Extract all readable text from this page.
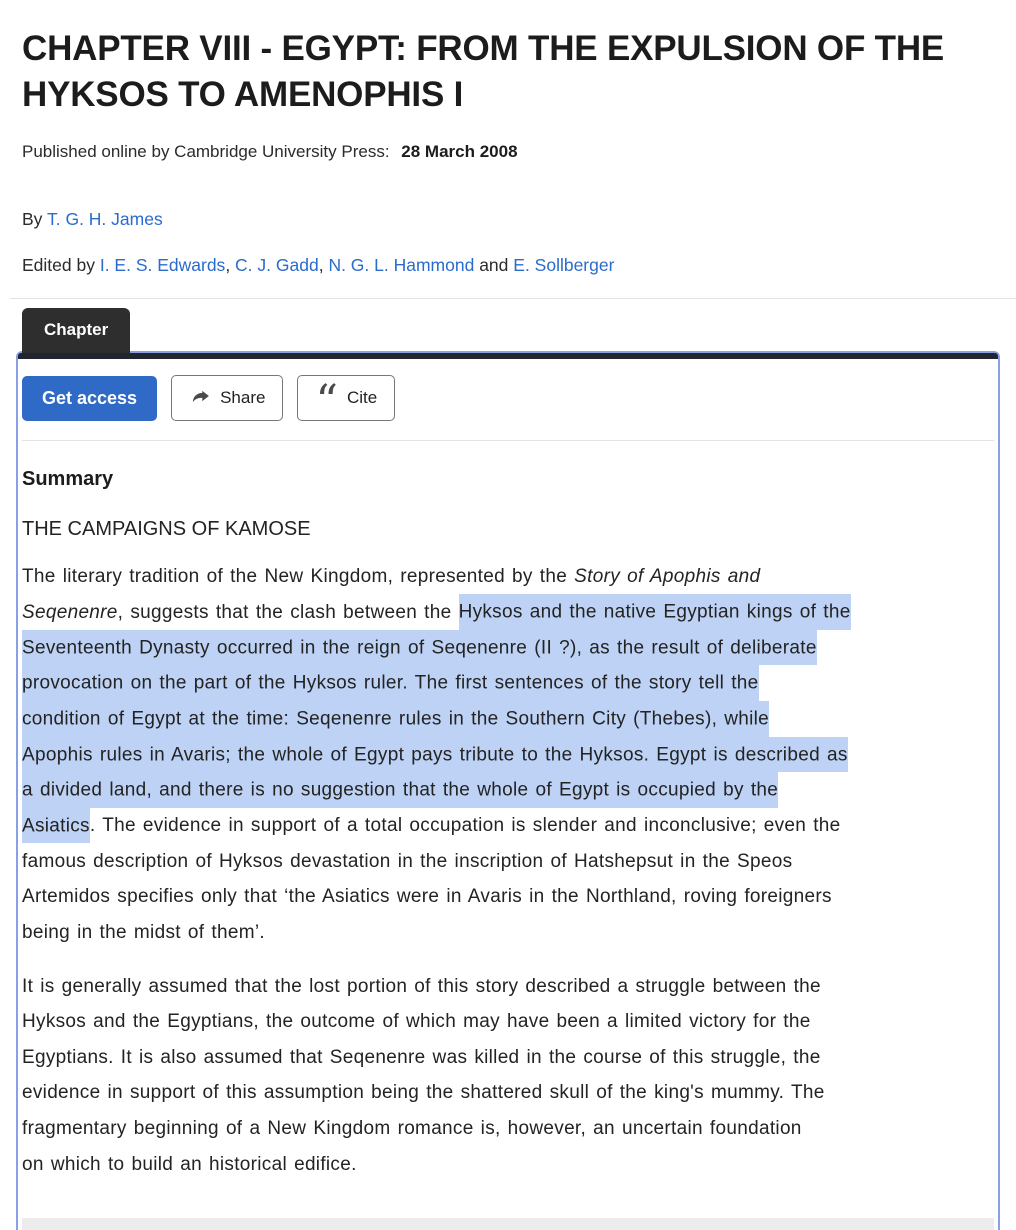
CHAPTER VIII - EGYPT: FROM THE EXPULSION OF THE
HYKSOS TO AMENOPHIS I

Published online by Cambridge University Press: 28 March 2008

By T. G. H. James

Edited by I. E. S. Edwards, C. J. Gadd, N. G. L. Hammond and E. Sollberger

Chapter
Get access	Share “ Cite
Summary

THE CAMPAIGNS OF KAMOSE

The literary tradition of the New Kingdom, represented by the Story of Apophis and
Seqenenre, suggests that the clash between the Hyksos and the native Egyptian kings of the
Seventeenth Dynasty occurred in the reign of Seqenenre (II ?), as the result of deliberate
provocation on the part of the Hyksos ruler. The first sentences of the story tell the
condition of Egypt at the time: Seqenenre rules in the Southern City (Thebes), while
Apophis rules in Avaris; the whole of Egypt pays tribute to the Hyksos. Egypt is described as
a divided land, and there is no suggestion that the whole of Egypt is occupied by the
Asiatics. The evidence in support of a total occupation is slender and inconclusive; even the
famous description of Hyksos devastation in the inscription of Hatshepsut in the Speos
Artemidos specifies only that ‘the Asiatics were in Avaris in the Northland, roving foreigners
being in the midst of them’.
It is generally assumed that the lost portion of this story described a struggle between the
Hyksos and the Egyptians, the outcome of which may have been a limited victory for the
Egyptians. It is also assumed that Seqenenre was killed in the course of this struggle, the
evidence in support of this assumption being the shattered skull of the king's mummy. The
fragmentary beginning of a New Kingdom romance is, however, an uncertain foundation
on which to build an historical edifice.
